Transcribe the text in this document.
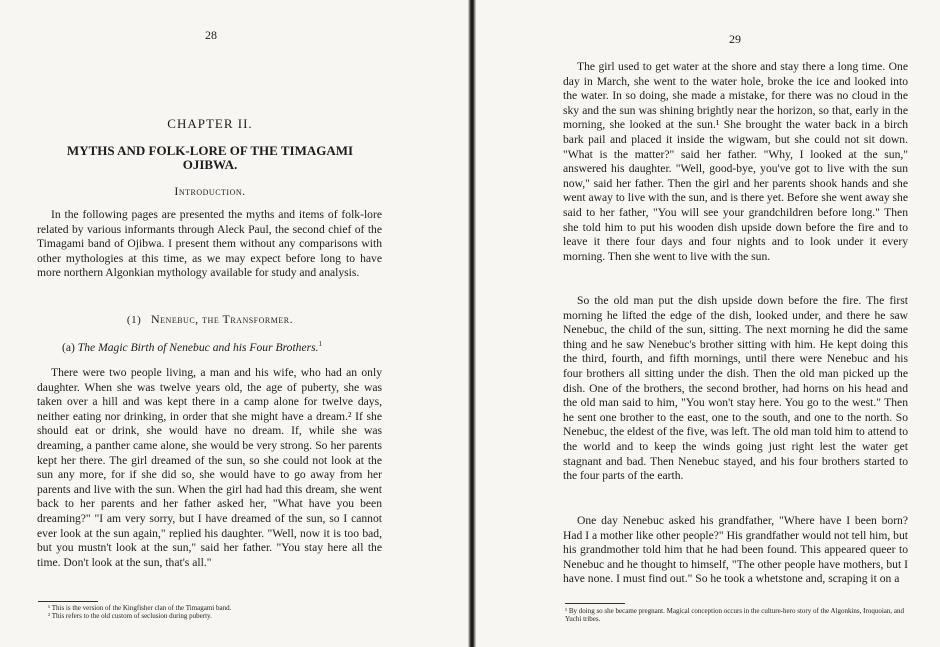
28
CHAPTER II.
MYTHS AND FOLK-LORE OF THE TIMAGAMI OJIBWA.
Introduction.
In the following pages are presented the myths and items of folk-lore related by various informants through Aleck Paul, the second chief of the Timagami band of Ojibwa. I present them without any comparisons with other mythologies at this time, as we may expect before long to have more northern Algonkian mythology available for study and analysis.
(1) Nenebuc, the Transformer.
(a) The Magic Birth of Nenebuc and his Four Brothers.$^1$
There were two people living, a man and his wife, who had an only daughter. When she was twelve years old, the age of puberty, she was taken over a hill and was kept there in a camp alone for twelve days, neither eating nor drinking, in order that she might have a dream.² If she should eat or drink, she would have no dream. If, while she was dreaming, a panther came alone, she would be very strong. So her parents kept her there. The girl dreamed of the sun, so she could not look at the sun any more, for if she did so, she would have to go away from her parents and live with the sun. When the girl had had this dream, she went back to her parents and her father asked her, "What have you been dreaming?" "I am very sorry, but I have dreamed of the sun, so I cannot ever look at the sun again," replied his daughter. "Well, now it is too bad, but you mustn't look at the sun," said her father. "You stay here all the time. Don't look at the sun, that's all."

¹ This is the version of the Kingfisher clan of the Timagami band.

² This refers to the old custom of seclusion during puberty.

29
The girl used to get water at the shore and stay there a long time. One day in March, she went to the water hole, broke the ice and looked into the water. In so doing, she made a mistake, for there was no cloud in the sky and the sun was shining brightly near the horizon, so that, early in the morning, she looked at the sun.¹ She brought the water back in a birch bark pail and placed it inside the wigwam, but she could not sit down. "What is the matter?" said her father. "Why, I looked at the sun," answered his daughter. "Well, good-bye, you've got to live with the sun now," said her father. Then the girl and her parents shook hands and she went away to live with the sun, and is there yet. Before she went away she said to her father, "You will see your grandchildren before long." Then she told him to put his wooden dish upside down before the fire and to leave it there four days and four nights and to look under it every morning. Then she went to live with the sun.
So the old man put the dish upside down before the fire. The first morning he lifted the edge of the dish, looked under, and there he saw Nenebuc, the child of the sun, sitting. The next morning he did the same thing and he saw Nenebuc's brother sitting with him. He kept doing this the third, fourth, and fifth mornings, until there were Nenebuc and his four brothers all sitting under the dish. Then the old man picked up the dish. One of the brothers, the second brother, had horns on his head and the old man said to him, "You won't stay here. You go to the west." Then he sent one brother to the east, one to the south, and one to the north. So Nenebuc, the eldest of the five, was left. The old man told him to attend to the world and to keep the winds going just right lest the water get stagnant and bad. Then Nenebuc stayed, and his four brothers started to the four parts of the earth.
One day Nenebuc asked his grandfather, "Where have I been born? Had I a mother like other people?" His grandfather would not tell him, but his grandmother told him that he had been found. This appeared queer to Nenebuc and he thought to himself, "The other people have mothers, but I have none. I must find out." So he took a whetstone and, scraping it on a

¹ By doing so she became pregnant. Magical conception occurs in the culture-hero story of the Algonkins, Iroquoian, and Yuchi tribes.
